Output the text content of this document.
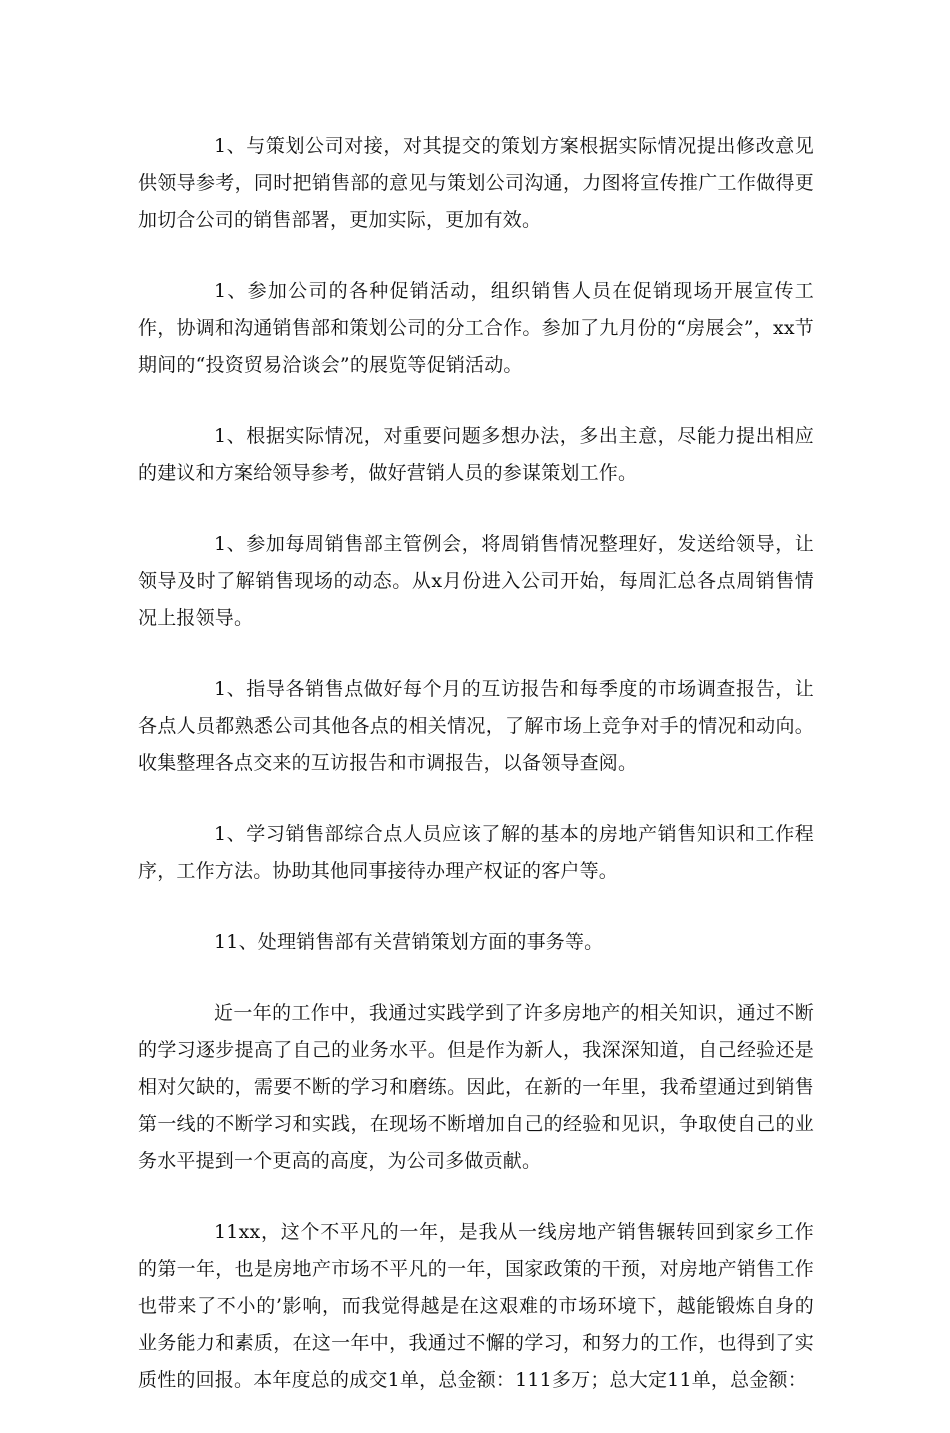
1、与策划公司对接，对其提交的策划方案根据实际情况提出修改意见供领导参考，同时把销售部的意见与策划公司沟通，力图将宣传推广工作做得更加切合公司的销售部署，更加实际，更加有效。

1、参加公司的各种促销活动，组织销售人员在促销现场开展宣传工作，协调和沟通销售部和策划公司的分工合作。参加了九月份的“房展会”，xx节期间的“投资贸易洽谈会”的展览等促销活动。

1、根据实际情况，对重要问题多想办法，多出主意，尽能力提出相应的建议和方案给领导参考，做好营销人员的参谋策划工作。

1、参加每周销售部主管例会，将周销售情况整理好，发送给领导，让领导及时了解销售现场的动态。从x月份进入公司开始，每周汇总各点周销售情况上报领导。

1、指导各销售点做好每个月的互访报告和每季度的市场调查报告，让各点人员都熟悉公司其他各点的相关情况，了解市场上竞争对手的情况和动向。收集整理各点交来的互访报告和市调报告，以备领导查阅。

1、学习销售部综合点人员应该了解的基本的房地产销售知识和工作程序，工作方法。协助其他同事接待办理产权证的客户等。

11、处理销售部有关营销策划方面的事务等。

近一年的工作中，我通过实践学到了许多房地产的相关知识，通过不断的学习逐步提高了自己的业务水平。但是作为新人，我深深知道，自己经验还是相对欠缺的，需要不断的学习和磨练。因此，在新的一年里，我希望通过到销售第一线的不断学习和实践，在现场不断增加自己的经验和见识，争取使自己的业务水平提到一个更高的高度，为公司多做贡献。

11xx，这个不平凡的一年，是我从一线房地产销售辗转回到家乡工作的第一年，也是房地产市场不平凡的一年，国家政策的干预，对房地产销售工作也带来了不小的’影响，而我觉得越是在这艰难的市场环境下，越能锻炼自身的业务能力和素质，在这一年中，我通过不懈的学习，和努力的工作，也得到了实质性的回报。本年度总的成交1单，总金额：111多万；总大定11单，总金额：
